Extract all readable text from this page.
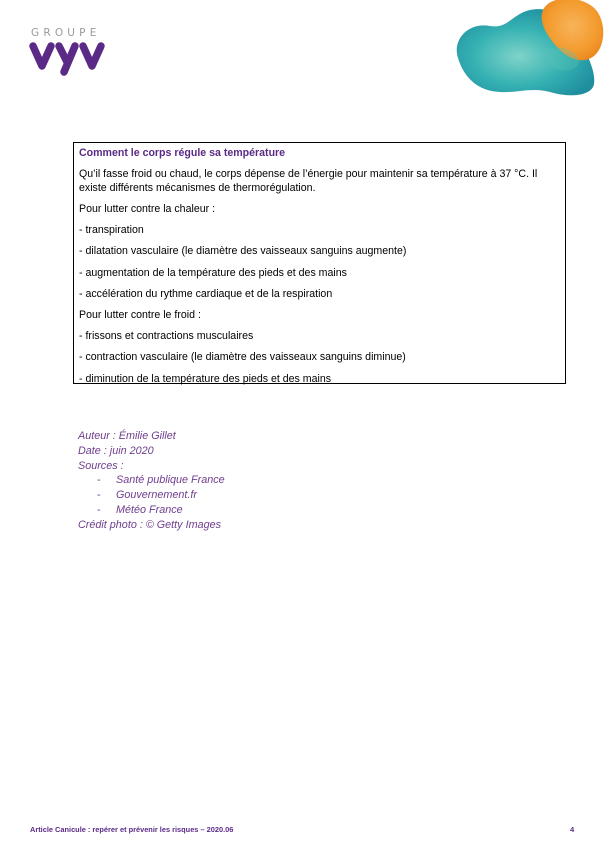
GROUPE
Comment le corps régule sa température
Qu’il fasse froid ou chaud, le corps dépense de l’énergie pour maintenir sa température à 37 °C. Il existe différents mécanismes de thermorégulation.
Pour lutter contre la chaleur :
- transpiration
- dilatation vasculaire (le diamètre des vaisseaux sanguins augmente)
- augmentation de la température des pieds et des mains
- accélération du rythme cardiaque et de la respiration
Pour lutter contre le froid :
- frissons et contractions musculaires
- contraction vasculaire (le diamètre des vaisseaux sanguins diminue)
- diminution de la température des pieds et des mains
Auteur : Émilie Gillet
Date : juin 2020
Sources :
- Santé publique France
- Gouvernement.fr
- Météo France
Crédit photo : © Getty Images
Article Canicule : repérer et prévenir les risques – 2020.06	4
